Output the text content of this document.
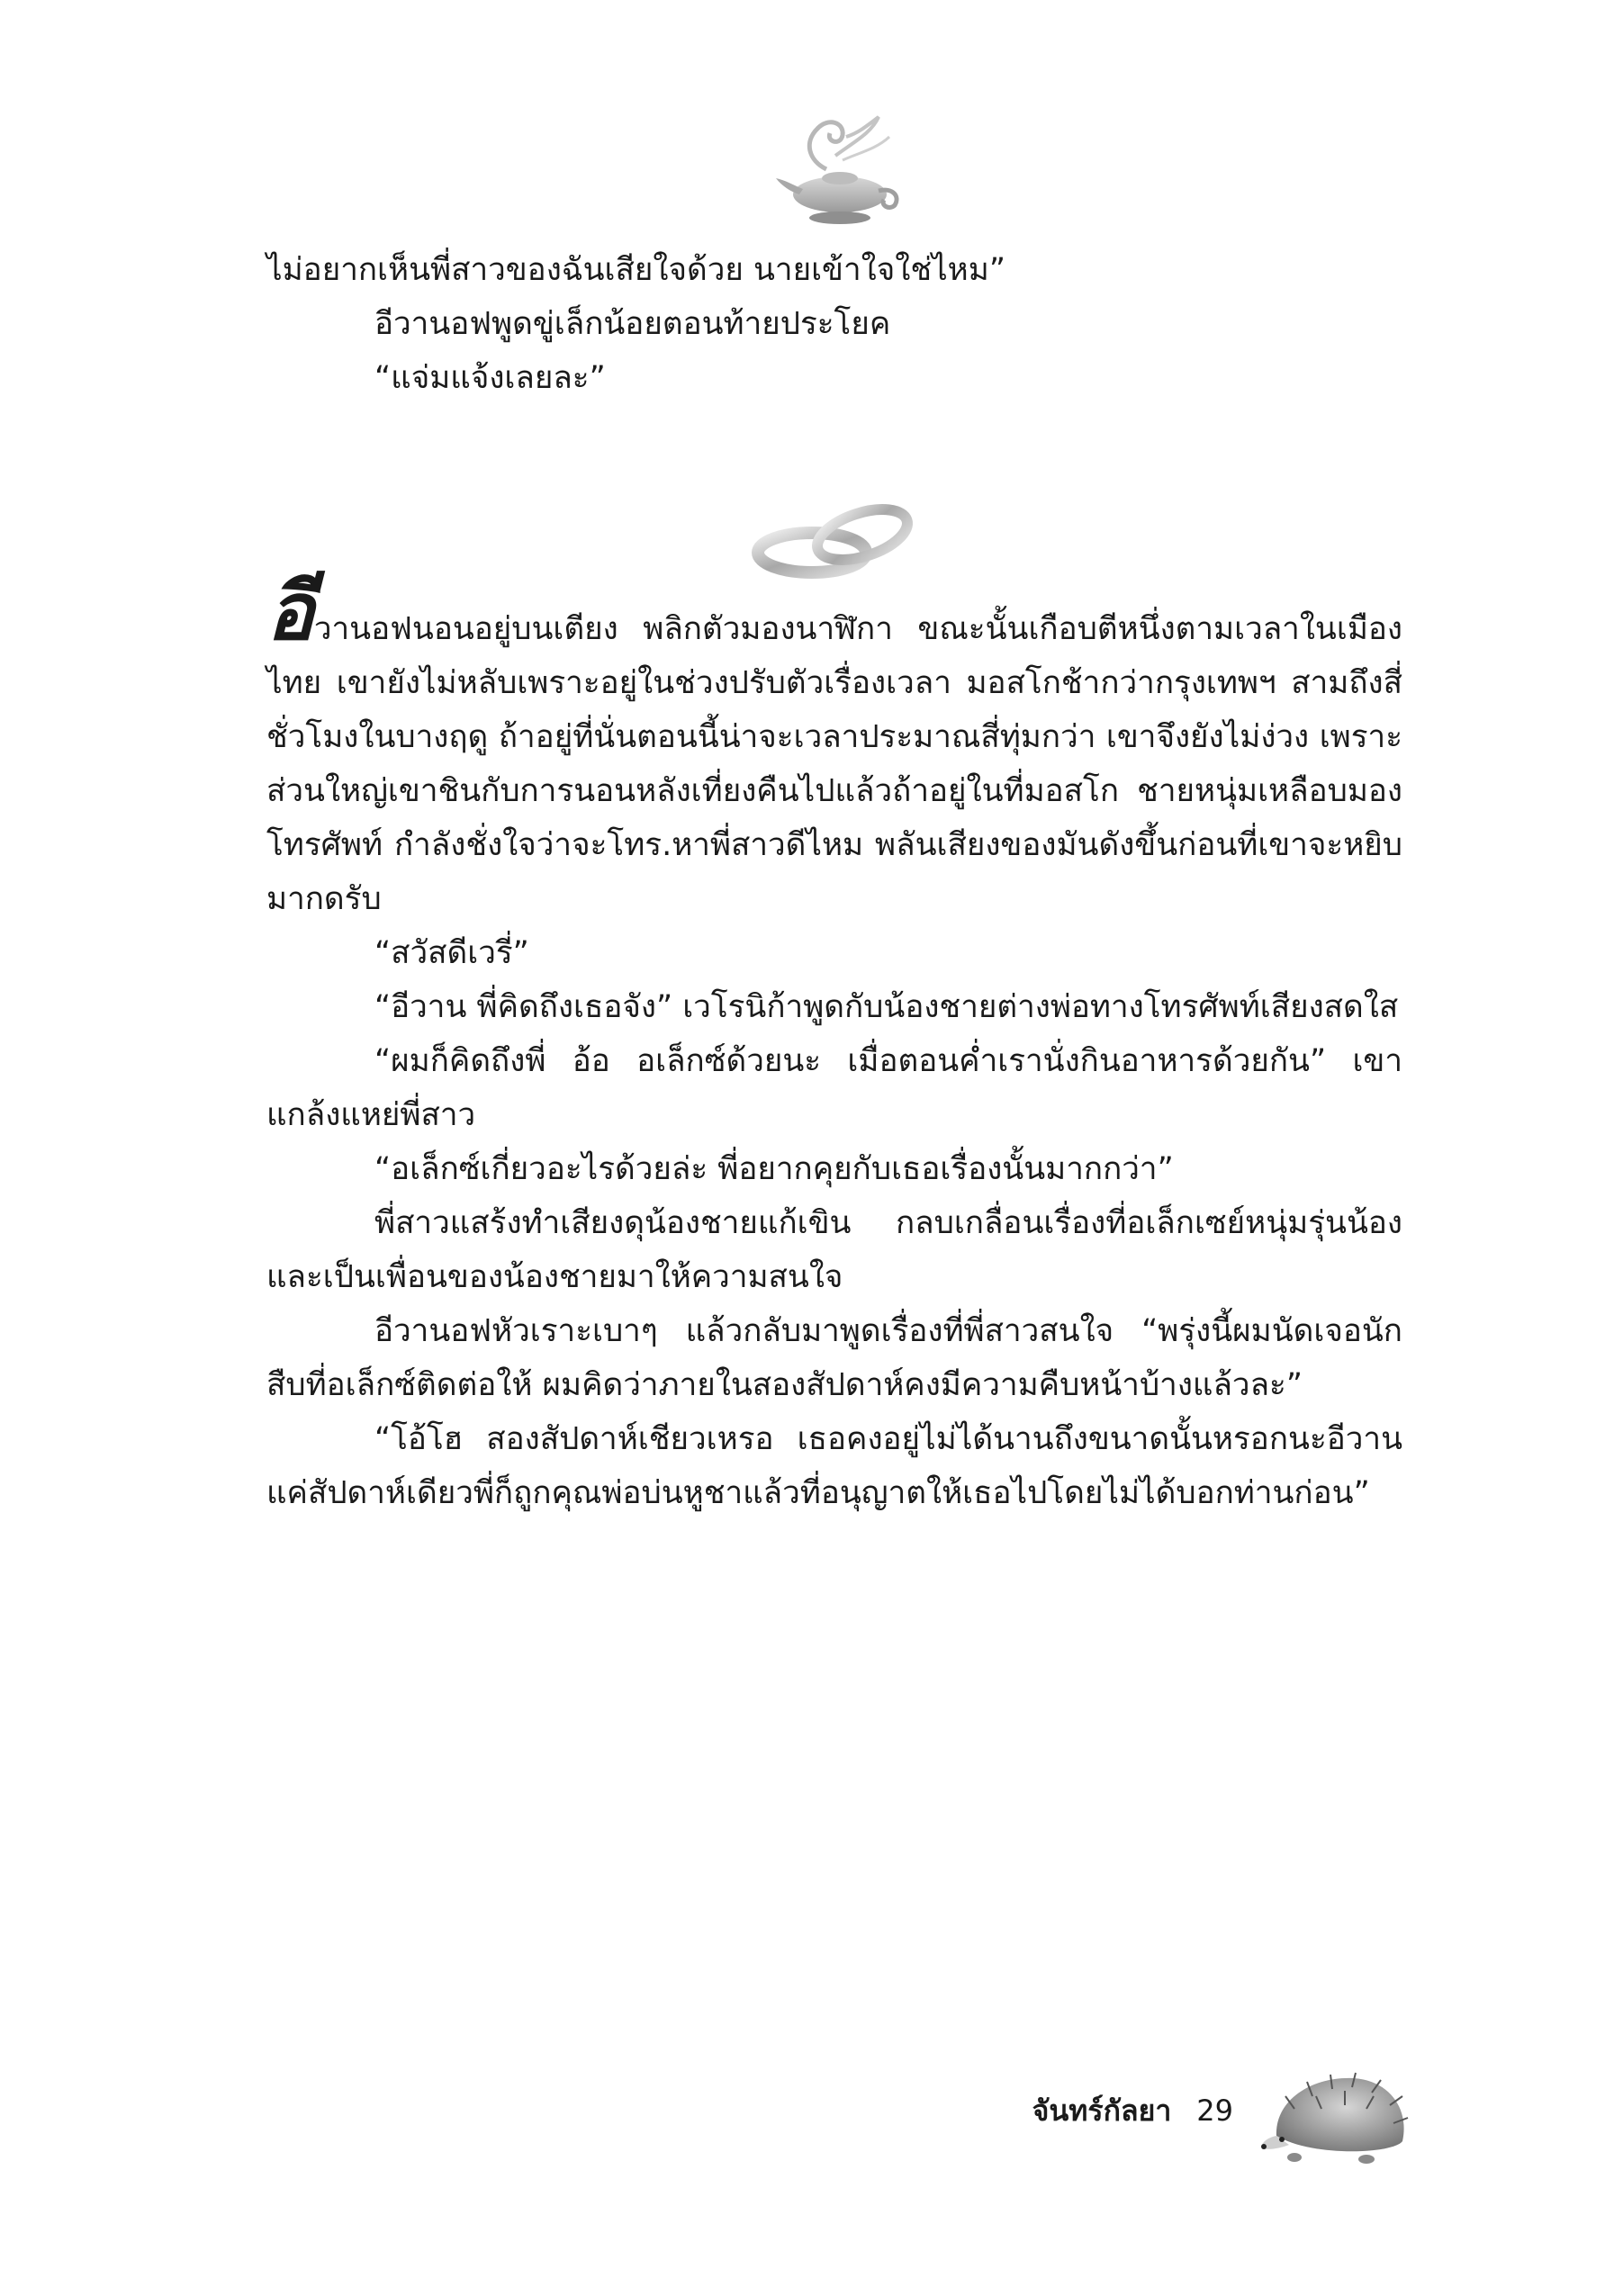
ไม่อยากเห็นพี่สาวของฉันเสียใจด้วย นายเข้าใจใช่ไหม”

อีวานอฟพูดขู่เล็กน้อยตอนท้ายประโยค

“แจ่มแจ้งเลยละ”

อีวานอฟนอนอยู่บนเตียง พลิกตัวมองนาฬิกา ขณะนั้นเกือบตีหนึ่งตามเวลาในเมืองไทย เขายังไม่หลับเพราะอยู่ในช่วงปรับตัวเรื่องเวลา มอสโกช้ากว่ากรุงเทพฯ สามถึงสี่ชั่วโมงในบางฤดู ถ้าอยู่ที่นั่นตอนนี้น่าจะเวลาประมาณสี่ทุ่มกว่า เขาจึงยังไม่ง่วง เพราะส่วนใหญ่เขาชินกับการนอนหลังเที่ยงคืนไปแล้วถ้าอยู่ในที่มอสโก ชายหนุ่มเหลือบมองโทรศัพท์ กำลังชั่งใจว่าจะโทร.หาพี่สาวดีไหม พลันเสียงของมันดังขึ้นก่อนที่เขาจะหยิบมากดรับ

“สวัสดีเวรี่”

“อีวาน พี่คิดถึงเธอจัง” เวโรนิก้าพูดกับน้องชายต่างพ่อทางโทรศัพท์เสียงสดใส

“ผมก็คิดถึงพี่ อ้อ อเล็กซ์ด้วยนะ เมื่อตอนค่ำเรานั่งกินอาหารด้วยกัน” เขาแกล้งแหย่พี่สาว

“อเล็กซ์เกี่ยวอะไรด้วยล่ะ พี่อยากคุยกับเธอเรื่องนั้นมากกว่า”

พี่สาวแสร้งทำเสียงดุน้องชายแก้เขิน กลบเกลื่อนเรื่องที่อเล็กเซย์หนุ่มรุ่นน้องและเป็นเพื่อนของน้องชายมาให้ความสนใจ

อีวานอฟหัวเราะเบาๆ แล้วกลับมาพูดเรื่องที่พี่สาวสนใจ “พรุ่งนี้ผมนัดเจอนักสืบที่อเล็กซ์ติดต่อให้ ผมคิดว่าภายในสองสัปดาห์คงมีความคืบหน้าบ้างแล้วละ”

“โอ้โฮ สองสัปดาห์เชียวเหรอ เธอคงอยู่ไม่ได้นานถึงขนาดนั้นหรอกนะอีวาน แค่สัปดาห์เดียวพี่ก็ถูกคุณพ่อบ่นหูชาแล้วที่อนุญาตให้เธอไปโดยไม่ได้บอกท่านก่อน”

จันทร์กัลยา 29
